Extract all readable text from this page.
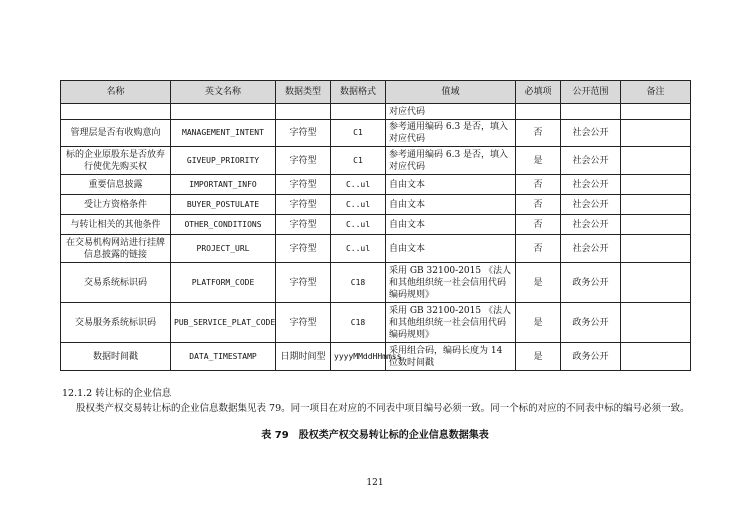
名称	英文名称	数据类型	数据格式	值域	必填项	公开范围	备注
				对应代码			
管理层是否有收购意向	MANAGEMENT_INTENT	字符型	C1	参考通用编码 6.3 是否，填入对应代码	否	社会公开	
标的企业原股东是否放弃行使优先购买权	GIVEUP_PRIORITY	字符型	C1	参考通用编码 6.3 是否，填入对应代码	是	社会公开	
重要信息披露	IMPORTANT_INFO	字符型	C..ul	自由文本	否	社会公开	
受让方资格条件	BUYER_POSTULATE	字符型	C..ul	自由文本	否	社会公开	
与转让相关的其他条件	OTHER_CONDITIONS	字符型	C..ul	自由文本	否	社会公开	
在交易机构网站进行挂牌信息披露的链接	PROJECT_URL	字符型	C..ul	自由文本	否	社会公开	
交易系统标识码	PLATFORM_CODE	字符型	C18	采用 GB 32100-2015 《法人和其他组织统一社会信用代码编码规则》	是	政务公开	
交易服务系统标识码	PUB_SERVICE_PLAT_CODE	字符型	C18	采用 GB 32100-2015 《法人和其他组织统一社会信用代码编码规则》	是	政务公开	
数据时间戳	DATA_TIMESTAMP	日期时间型	yyyyMMddHHmmss	采用组合码，编码长度为 14 位数时间戳	是	政务公开	
12.1.2 转让标的企业信息
股权类产权交易转让标的企业信息数据集见表 79。同一项目在对应的不同表中项目编号必须一致。同一个标的对应的不同表中标的编号必须一致。
表 79　股权类产权交易转让标的企业信息数据集表
121
